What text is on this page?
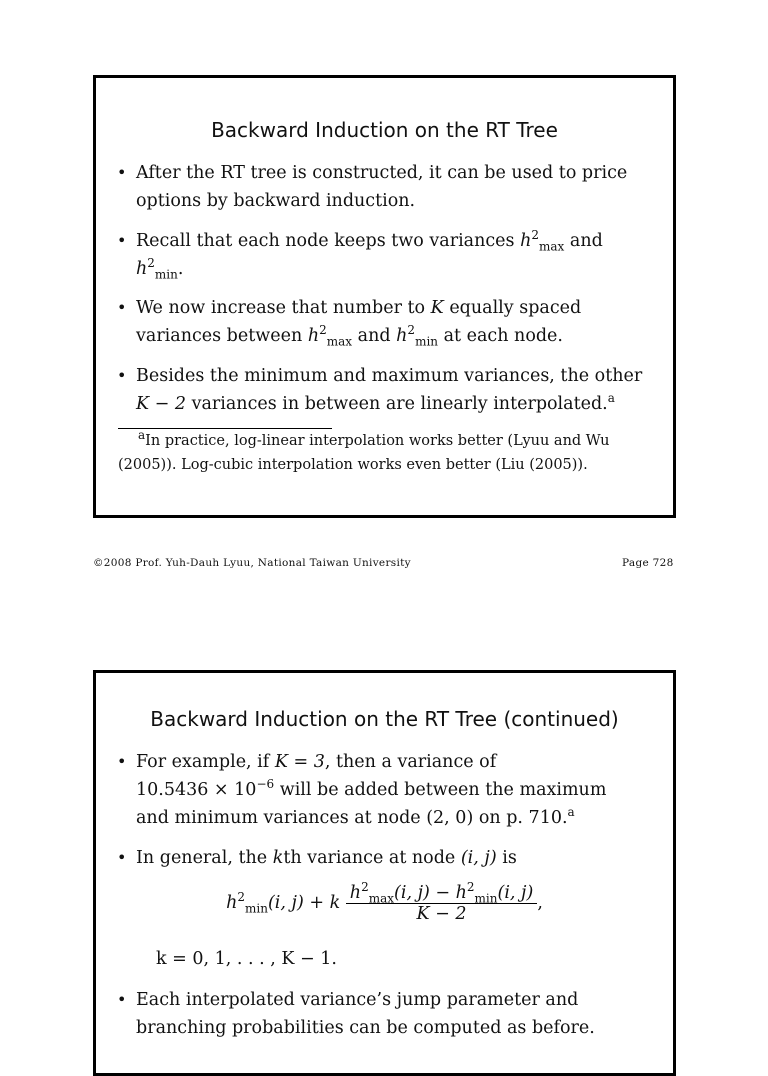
Backward Induction on the RT Tree
• After the RT tree is constructed, it can be used to price
options by backward induction.
• Recall that each node keeps two variances $h^2_{max}$ and
$h^2_{min}$.
• We now increase that number to K equally spaced
variances between $h^2_{max}$ and $h^2_{min}$ at each node.
• Besides the minimum and maximum variances, the other
K − 2 variances in between are linearly interpolated.$^a$
$^a$In practice, log-linear interpolation works better (Lyuu and Wu
(2005)). Log-cubic interpolation works even better (Liu (2005)).
©2008 Prof. Yuh-Dauh Lyuu, National Taiwan University	Page 728
Backward Induction on the RT Tree (continued)
• For example, if K = 3, then a variance of
$10.5436 \times 10^{-6}$ will be added between the maximum
and minimum variances at node (2, 0) on p. 710.$^a$
• In general, the kth variance at node (i, j) is
$h^2_{min}(i$, j) + k $\frac{h^2_{max}(i, j) - h^2_{min}(i, j)}{K - 2}$ ,
k = 0, 1, . . . , K − 1.
• Each interpolated variance’s jump parameter and
branching probabilities can be computed as before.
